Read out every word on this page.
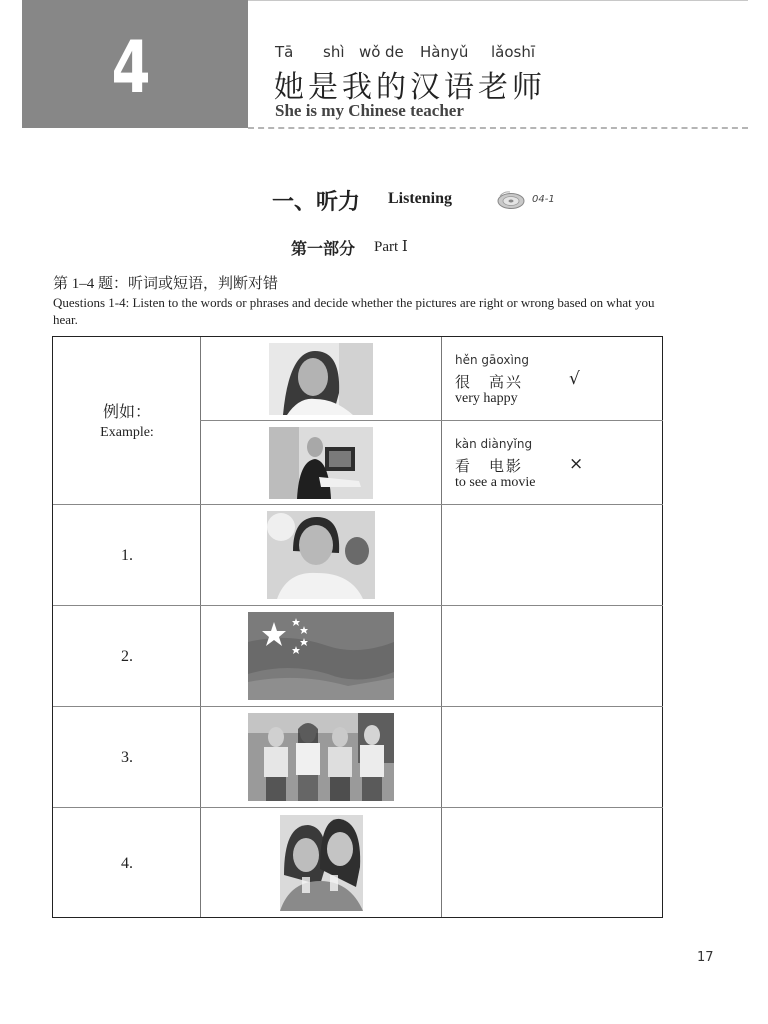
4	Tā shì wǒ de Hànyǔ lǎoshī
她是我的汉语老师
She is my Chinese teacher
一、听力 Listening	04-1
第一部分 Part Ⅰ
第 1–4 题：听词或短语，判断对错
Questions 1-4: Listen to the words or phrases and decide whether the pictures are right or wrong based on what you hear.
例如：
Example:
hěn gāoxìng
很　高兴
very happy
√
kàn diànyǐng
看　电影
to see a movie
×
1.
2.
3.
4.
17
